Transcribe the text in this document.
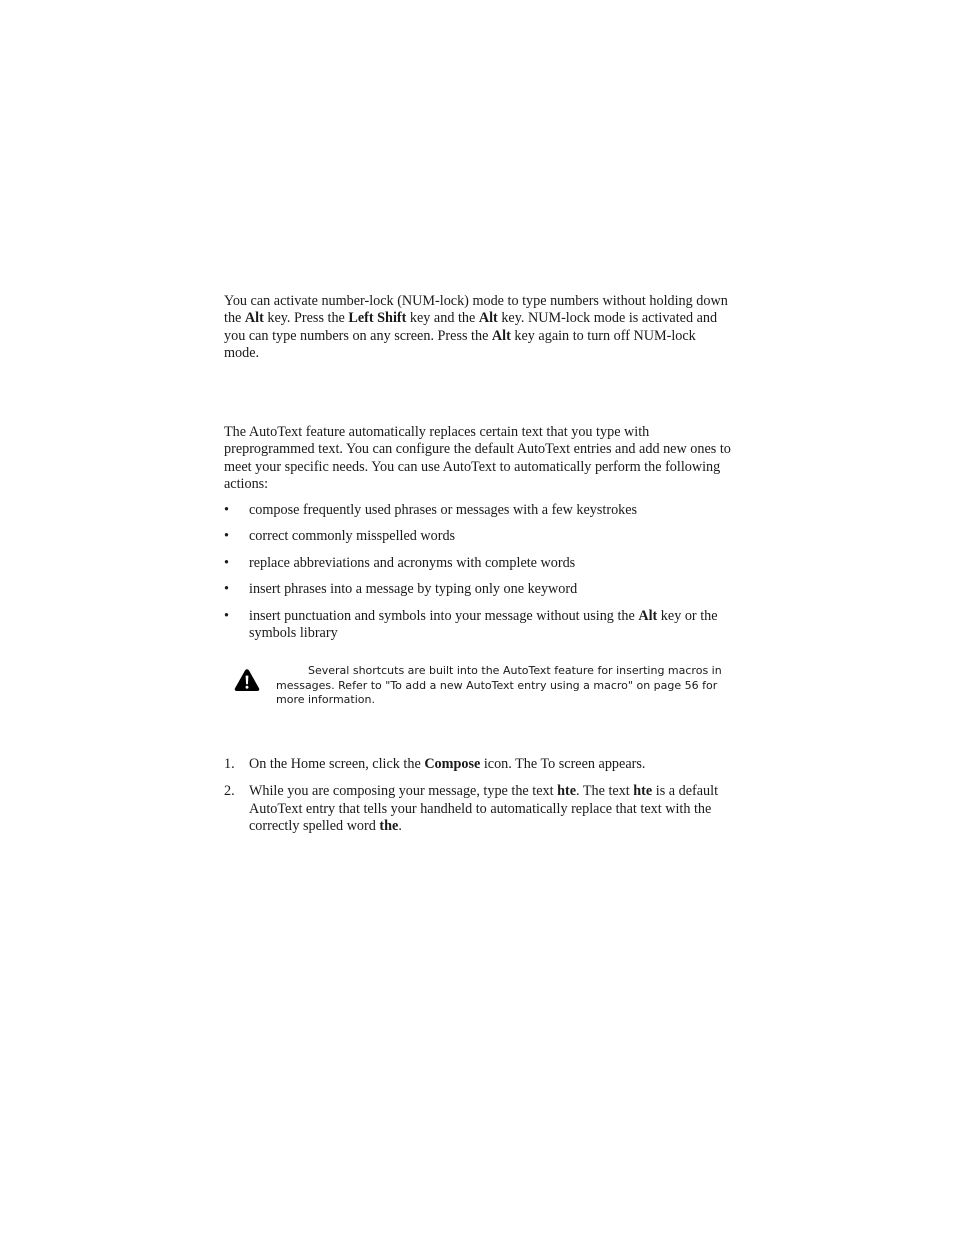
You can activate number-lock (NUM-lock) mode to type numbers without holding down the Alt key. Press the Left Shift key and the Alt key. NUM-lock mode is activated and you can type numbers on any screen. Press the Alt key again to turn off NUM-lock mode.

The AutoText feature automatically replaces certain text that you type with preprogrammed text. You can configure the default AutoText entries and add new ones to meet your specific needs. You can use AutoText to automatically perform the following actions:

•	compose frequently used phrases or messages with a few keystrokes
•	correct commonly misspelled words
•	replace abbreviations and acronyms with complete words
•	insert phrases into a message by typing only one keyword
•	insert punctuation and symbols into your message without using the Alt key or the symbols library
Several shortcuts are built into the AutoText feature for inserting macros in messages. Refer to "To add a new AutoText entry using a macro" on page 56 for more information.
1. On the Home screen, click the Compose icon. The To screen appears.
2. While you are composing your message, type the text hte. The text hte is a default AutoText entry that tells your handheld to automatically replace that text with the correctly spelled word the.
